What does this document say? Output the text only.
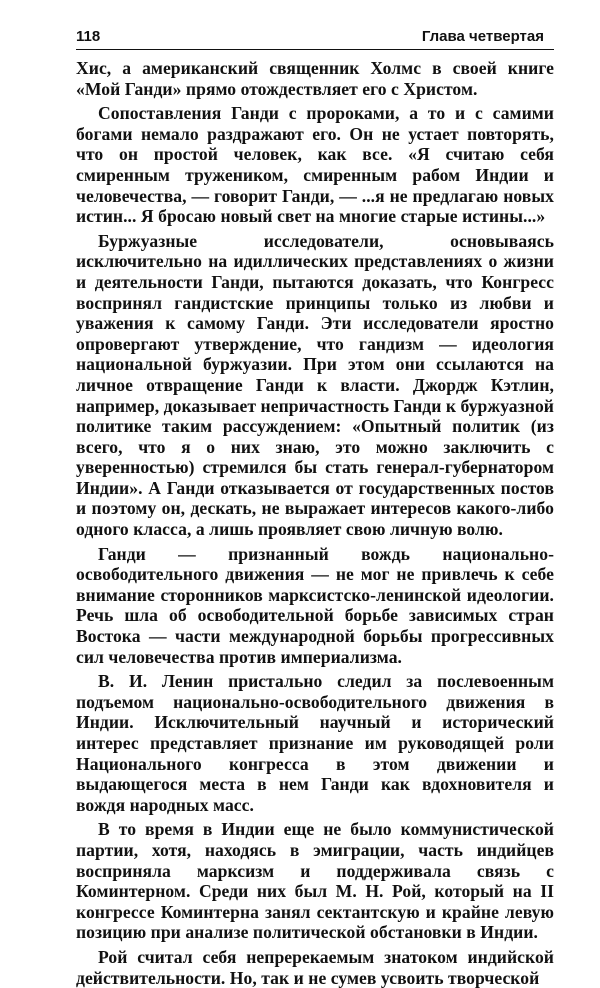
118	Глава четвертая

Хис, а американский священник Холмс в своей книге «Мой Ганди» прямо отождествляет его с Христом.

Сопоставления Ганди с пророками, а то и с самими богами немало раздражают его. Он не устает повторять, что он простой человек, как все. «Я считаю себя смиренным тружеником, смиренным рабом Индии и человечества, — говорит Ганди, — ...я не предлагаю новых истин... Я бросаю новый свет на многие старые истины...»

Буржуазные исследователи, основываясь исключительно на идиллических представлениях о жизни и деятельности Ганди, пытаются доказать, что Конгресс воспринял гандистские принципы только из любви и уважения к самому Ганди. Эти исследователи яростно опровергают утверждение, что гандизм — идеология национальной буржуазии. При этом они ссылаются на личное отвращение Ганди к власти. Джордж Кэтлин, например, доказывает непричастность Ганди к буржуазной политике таким рассуждением: «Опытный политик (из всего, что я о них знаю, это можно заключить с уверенностью) стремился бы стать генерал-губернатором Индии». А Ганди отказывается от государственных постов и поэтому он, дескать, не выражает интересов какого-либо одного класса, а лишь проявляет свою личную волю.

Ганди — признанный вождь национально-освободительного движения — не мог не привлечь к себе внимание сторонников марксистско-ленинской идеологии. Речь шла об освободительной борьбе зависимых стран Востока — части международной борьбы прогрессивных сил человечества против империализма.

В. И. Ленин пристально следил за послевоенным подъемом национально-освободительного движения в Индии. Исключительный научный и исторический интерес представляет признание им руководящей роли Национального конгресса в этом движении и выдающегося места в нем Ганди как вдохновителя и вождя народных масс.

В то время в Индии еще не было коммунистической партии, хотя, находясь в эмиграции, часть индийцев восприняла марксизм и поддерживала связь с Коминтерном. Среди них был М. Н. Рой, который на II конгрессе Коминтерна занял сектантскую и крайне левую позицию при анализе политической обстановки в Индии.

Рой считал себя непререкаемым знатоком индийской действительности. Но, так и не сумев усвоить творческой
